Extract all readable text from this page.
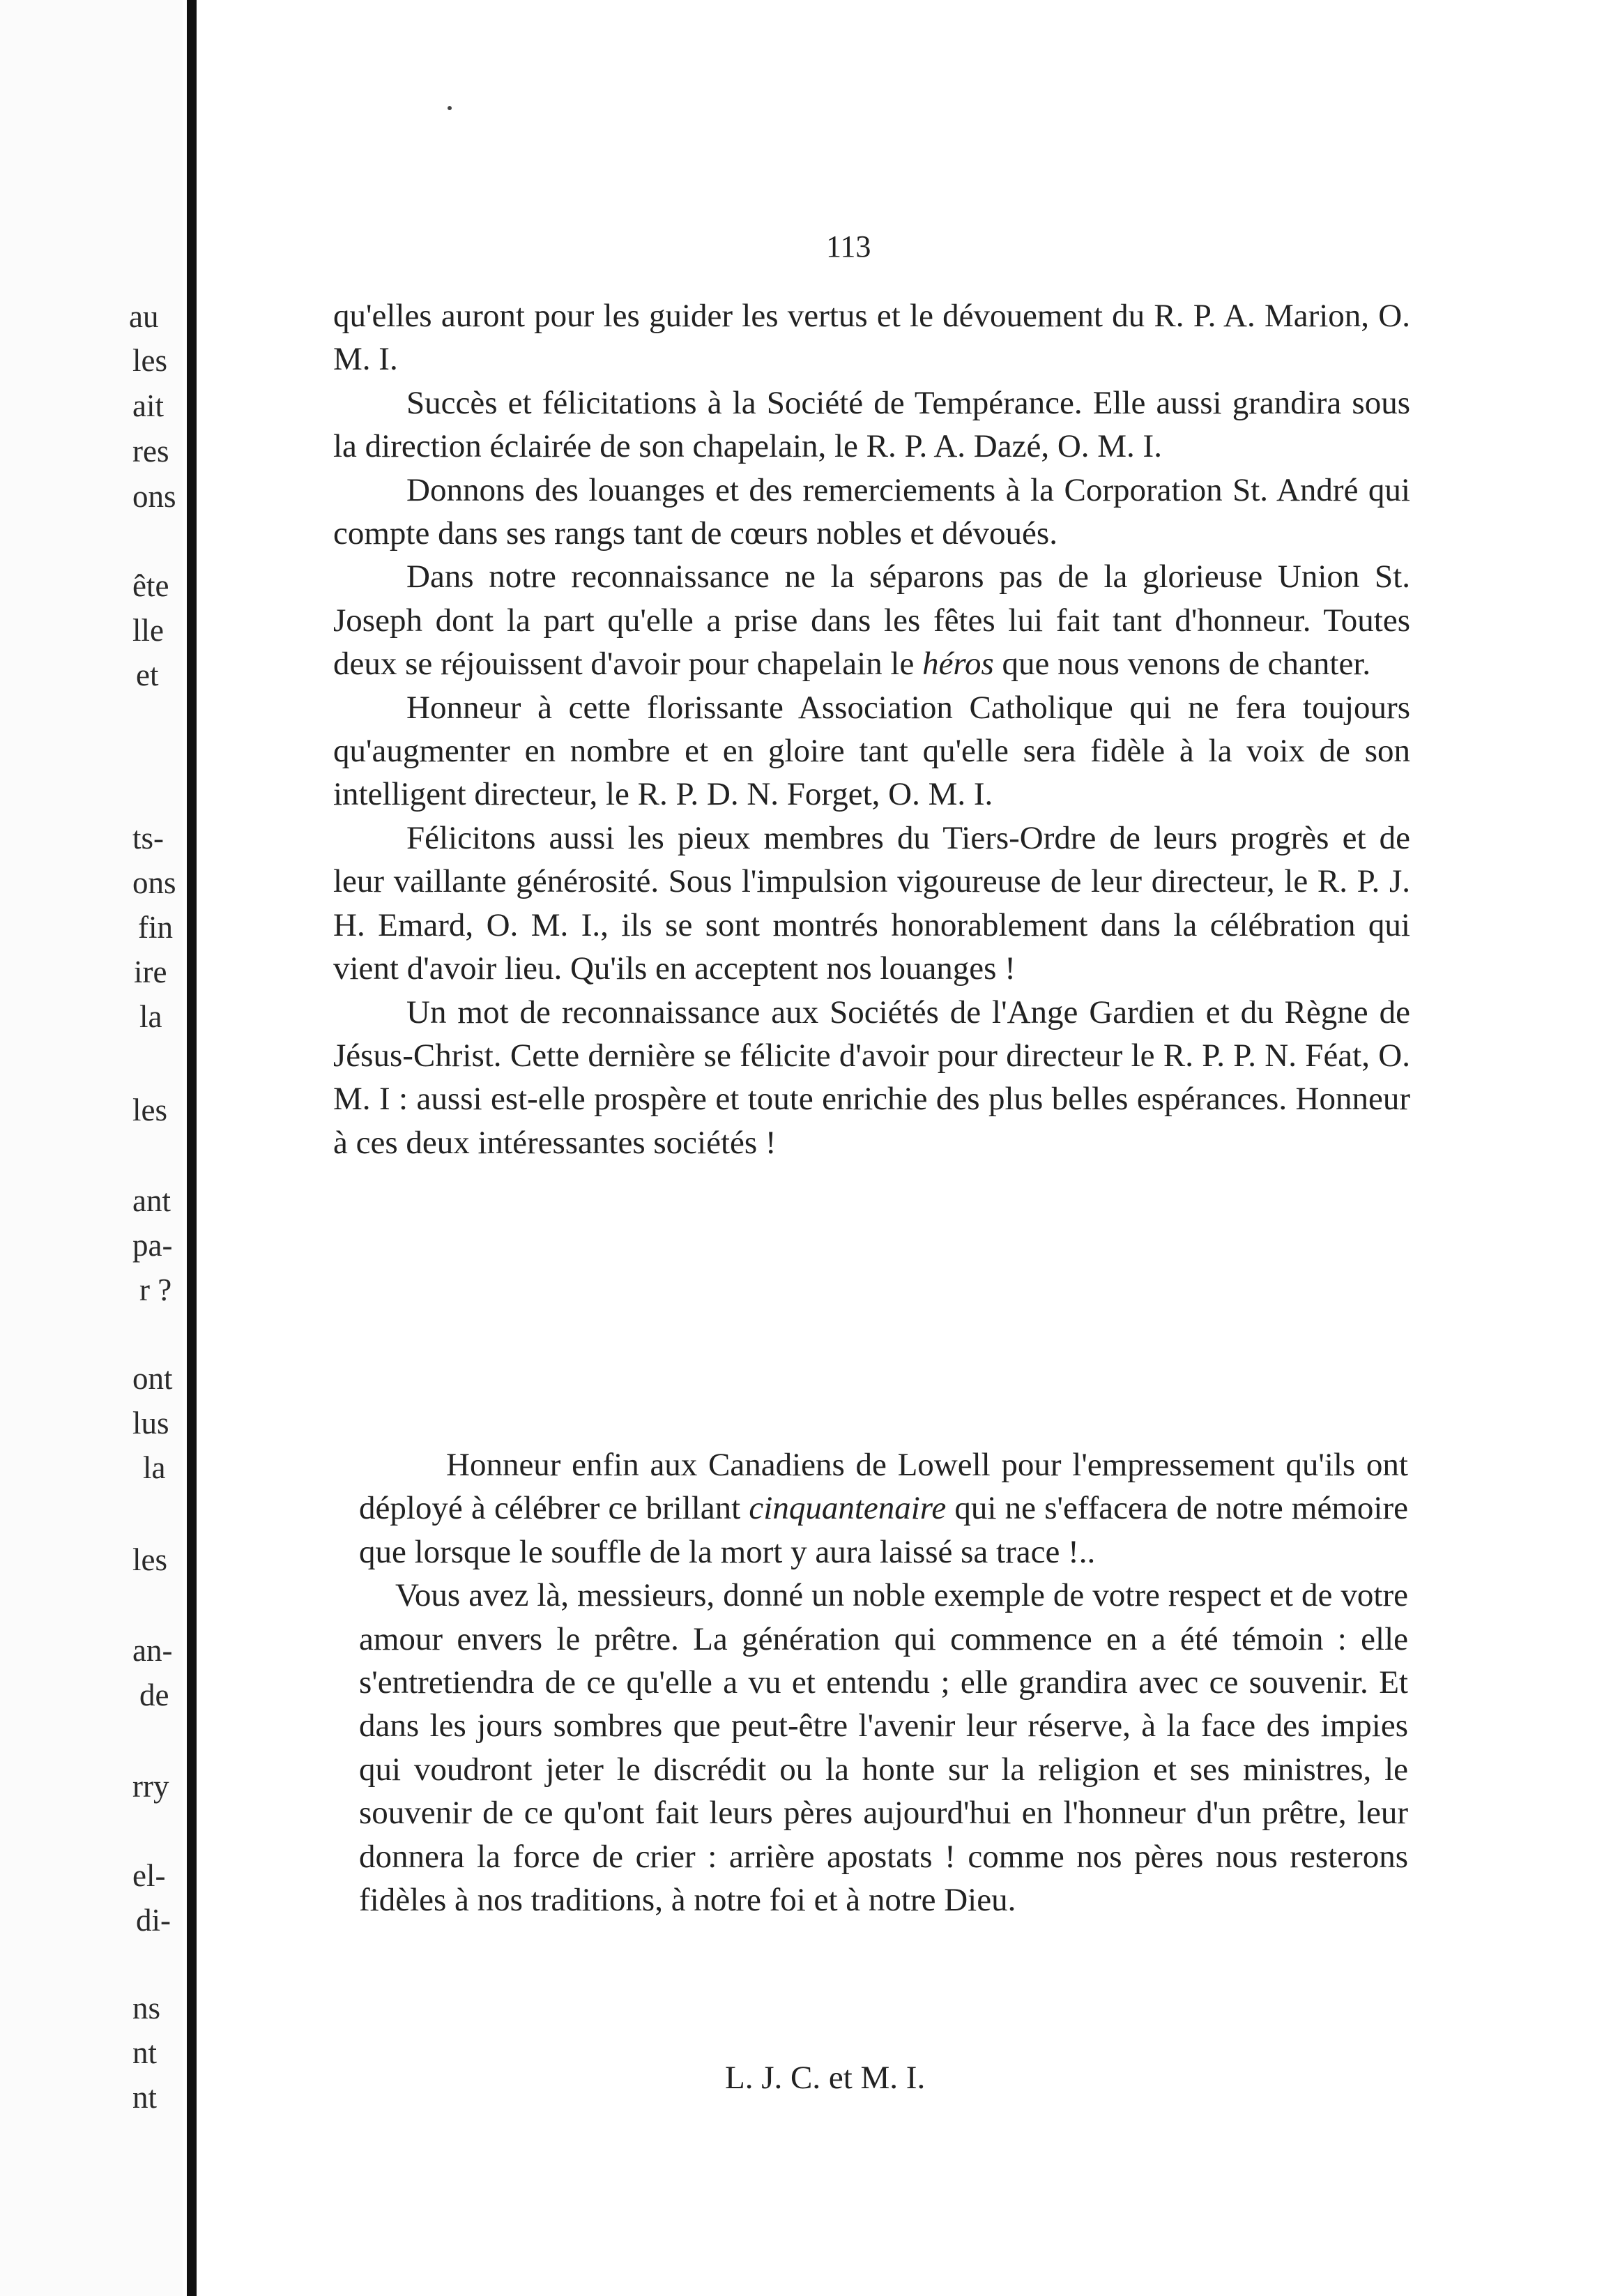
au
les
ait
res
ons
ête
lle
et
ts-
ons
fin
ire
la
les
ant
pa-
r ?
ont
lus
la
les
an-
de
rry
el-
di-
ns
nt
nt
113

qu'elles auront pour les guider les vertus et le dévouement du R. P. A. Marion, O. M. I.

Succès et félicitations à la Société de Tempérance. Elle aussi grandira sous la direction éclairée de son chapelain, le R. P. A. Dazé, O. M. I.

Donnons des louanges et des remerciements à la Corporation St. André qui compte dans ses rangs tant de cœurs nobles et dévoués.

Dans notre reconnaissance ne la séparons pas de la glorieuse Union St. Joseph dont la part qu'elle a prise dans les fêtes lui fait tant d'honneur. Toutes deux se réjouissent d'avoir pour chapelain le héros que nous venons de chanter.

Honneur à cette florissante Association Catholique qui ne fera toujours qu'augmenter en nombre et en gloire tant qu'elle sera fidèle à la voix de son intelligent directeur, le R. P. D. N. Forget, O. M. I.

Félicitons aussi les pieux membres du Tiers-Ordre de leurs progrès et de leur vaillante générosité. Sous l'impulsion vigoureuse de leur directeur, le R. P. J. H. Emard, O. M. I., ils se sont montrés honorablement dans la célébration qui vient d'avoir lieu. Qu'ils en acceptent nos louanges !

Un mot de reconnaissance aux Sociétés de l'Ange Gardien et du Règne de Jésus-Christ. Cette dernière se félicite d'avoir pour directeur le R. P. P. N. Féat, O. M. I : aussi est-elle prospère et toute enrichie des plus belles espérances. Honneur à ces deux intéressantes sociétés !

Honneur enfin aux Canadiens de Lowell pour l'empressement qu'ils ont déployé à célébrer ce brillant cinquantenaire qui ne s'effacera de notre mémoire que lorsque le souffle de la mort y aura laissé sa trace !..

Vous avez là, messieurs, donné un noble exemple de votre respect et de votre amour envers le prêtre. La génération qui commence en a été témoin : elle s'entretiendra de ce qu'elle a vu et entendu ; elle grandira avec ce souvenir. Et dans les jours sombres que peut-être l'avenir leur réserve, à la face des impies qui voudront jeter le discrédit ou la honte sur la religion et ses ministres, le souvenir de ce qu'ont fait leurs pères aujourd'hui en l'honneur d'un prêtre, leur donnera la force de crier : arrière apostats ! comme nos pères nous resterons fidèles à nos traditions, à notre foi et à notre Dieu.

L. J. C. et M. I.
